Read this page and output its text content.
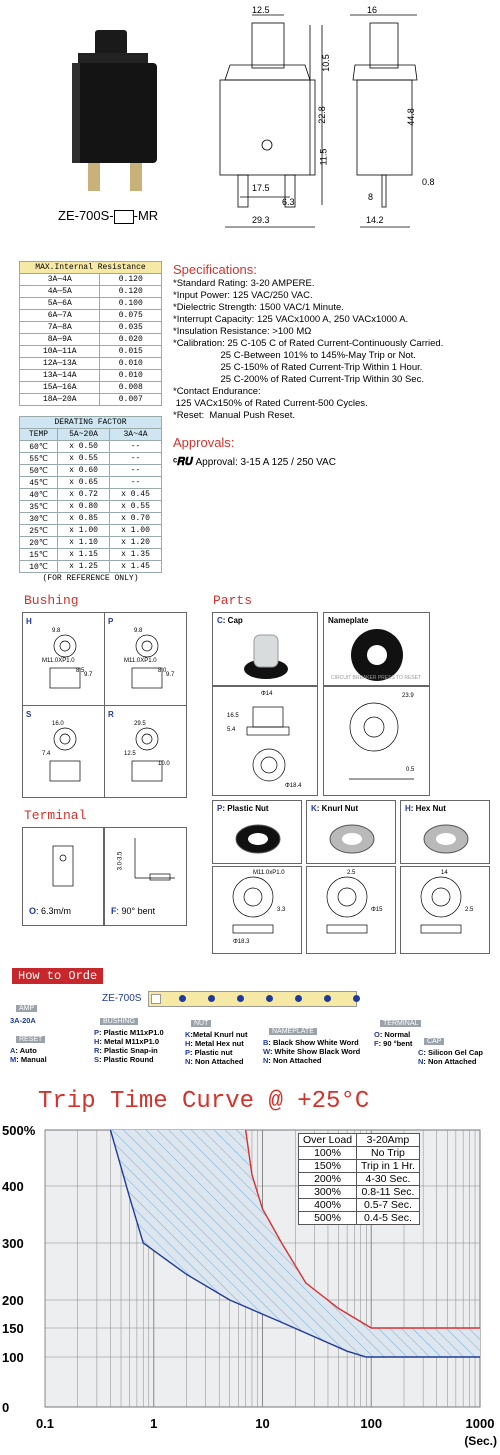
ZE-700S- -MR
12.5
10.5
22.8
11.5
44.8
17.5
6.3
29.3
16
0.8
8
14.2
MAX.Internal Resistance	
3A—4A	0.120
4A—5A	0.120
5A—6A	0.100
6A—7A	0.075
7A—8A	0.035
8A—9A	0.020
10A—11A	0.015
12A—13A	0.010
13A—14A	0.010
15A—16A	0.008
18A—20A	0.007
DERATING FACTOR		
TEMP	5A~20A	3A~4A
60℃	x 0.50	--
55℃	x 0.55	--
50℃	x 0.60	--
45℃	x 0.65	--
40℃	x 0.72	x 0.45
35℃	x 0.80	x 0.55
30℃	x 0.85	x 0.70
25℃	x 1.00	x 1.00
20℃	x 1.10	x 1.20
15℃	x 1.15	x 1.35
10℃	x 1.25	x 1.45
(FOR REFERENCE ONLY)
Specifications:
*Standard Rating: 3-20 AMPERE.
*Input Power: 125 VAC/250 VAC.
*Dielectric Strength: 1500 VAC/1 Minute.
*Interrupt Capacity: 125 VACx1000 A, 250 VACx1000 A.
*Insulation Resistance: >100 MΩ
*Calibration: 25 C-105 C of Rated Current-Continuously Carried.
25 C-Between 101% to 145%-May Trip or Not.
25 C-150% of Rated Current-Trip Within 1 Hour.
25 C-200% of Rated Current-Trip Within 30 Sec.
*Contact Endurance:
125 VACx150% of Rated Current-500 Cycles.
*Reset:  Manual Push Reset.
Approvals:
ᶜ𝑹𝑼 Approval: 3-15 A 125 / 250 VAC
Bushing
H
9.8
M11.0XP1.0
8.5
9.7
P
9.8
M11.0XP1.0
8.0
9.7
S
16.0
7.4
R
29.5
12.5
10.0
Parts
C: Cap	Nameplate
CIRCUIT BREAKER PRESS TO RESET
Φ14
16.5
5.4
Φ18.4
23.9
0.5
P: Plastic Nut
M11.0xP1.0
3.3
Φ18.3
K: Knurl Nut
2.5
Φ15
H: Hex Nut
14
2.5
Terminal
O: 6.3m/m
3.0-3.5
F: 90° bent
How to Orde
ZE-700S
AMP
3A-20A
RESET
A: Auto
M: Manual
BUSHING
P: Plastic M11xP1.0
H: Metal M11xP1.0
R: Plastic Snap-in
S: Plastic Round
NUT
K:Metal Knurl nut
H: Metal Hex nut
P: Plastic nut
N: Non Attached
NAMEPLATE
B: Black Show White Word
W: White Show Black Word
N: Non Attached
TERMINAL
O: Normal
F: 90 °bent	CAP
C: Silicon Gel Cap
N: Non Attached
Trip Time Curve @ +25°C
500%
400
300
200
150
100
0
0.1	1	10	100	1000
(Sec.)
Over Load	3-20Amp
100%	No Trip
150%	Trip in 1 Hr.
200%	4-30 Sec.
300%	0.8-11 Sec.
400%	0.5-7 Sec.
500%	0.4-5 Sec.
